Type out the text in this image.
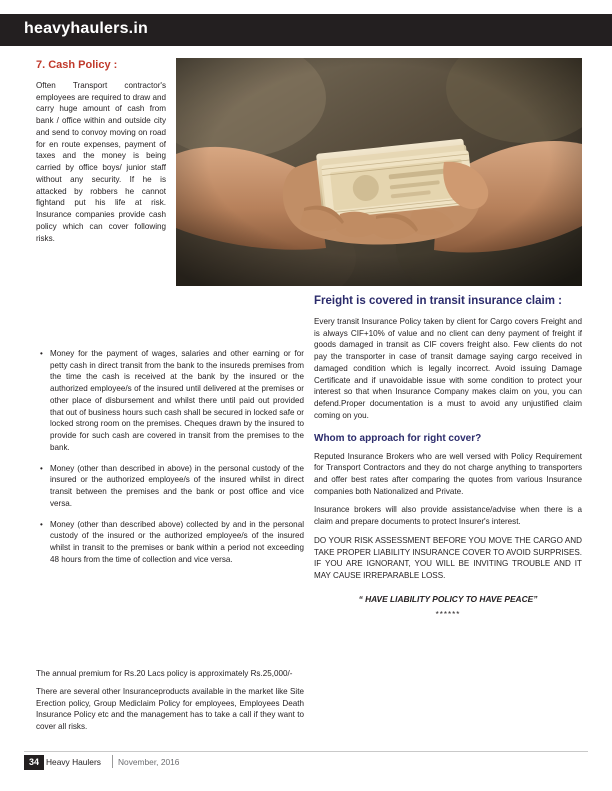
heavyhaulers.in
7. Cash Policy :

Often Transport contractor's employees are required to draw and carry huge amount of cash from bank / office within and outside city and send to convoy moving on road for en route expenses, payment of taxes and the money is being carried by office boys/ junior staff without any security. If he is attacked by robbers he cannot fightand put his life at risk. Insurance companies provide cash policy which can cover following risks.

• Money for the payment of wages, salaries and other earning or for petty cash in direct transit from the bank to the insureds premises from the time the cash is received at the bank by the insured or the authorized employee/s of the insured until delivered at the premises or other place of disbursement and whilst there until paid out provided that out of business hours such cash shall be secured in locked safe or locked strong room on the premises. Cheques drawn by the insured to provide for such cash are covered in transit from the premises to the bank.
• Money (other than described in above) in the personal custody of the insured or the authorized employee/s of the insured whilst in direct transit between the premises and the bank or post office and vice versa.
• Money (other than described above) collected by and in the personal custody of the insured or the authorized employee/s of the insured whilst in transit to the premises or bank within a period not exceeding 48 hours from the time of collection and vice versa.

The annual premium for Rs.20 Lacs policy is approximately Rs.25,000/-

There are several other Insuranceproducts available in the market like Site Erection policy, Group Mediclaim Policy for employees, Employees Death Insurance Policy etc and the management has to take a call if they want to cover all risks.

Freight is covered in transit insurance claim :

Every transit Insurance Policy taken by client for Cargo covers Freight and is always CIF+10% of value and no client can deny payment of freight if goods damaged in transit as CIF covers freight also. Few clients do not pay the transporter in case of transit damage saying cargo received in damaged condition which is legally incorrect. Avoid issuing Damage Certificate and if unavoidable issue with some condition to protect your interest so that when Insurance Company makes claim on you, you can defend.Proper documentation is a must to avoid any unjustified claim coming on you.

Whom to approach for right cover?

Reputed Insurance Brokers who are well versed with Policy Requirement for Transport Contractors and they do not charge anything to transporters and offer best rates after comparing the quotes from various Insurance companies both Nationalized and Private.

Insurance brokers will also provide assistance/advise when there is a claim and prepare documents to protect Insurer's interest.

DO YOUR RISK ASSESSMENT BEFORE YOU MOVE THE CARGO AND TAKE PROPER LIABILITY INSURANCE COVER TO AVOID SURPRISES. IF YOU ARE IGNORANT, YOU WILL BE INVITING TROUBLE AND IT MAY CAUSE IRREPARABLE LOSS.

“ HAVE LIABILITY POLICY TO HAVE PEACE”

******

34 Heavy Haulers November, 2016
